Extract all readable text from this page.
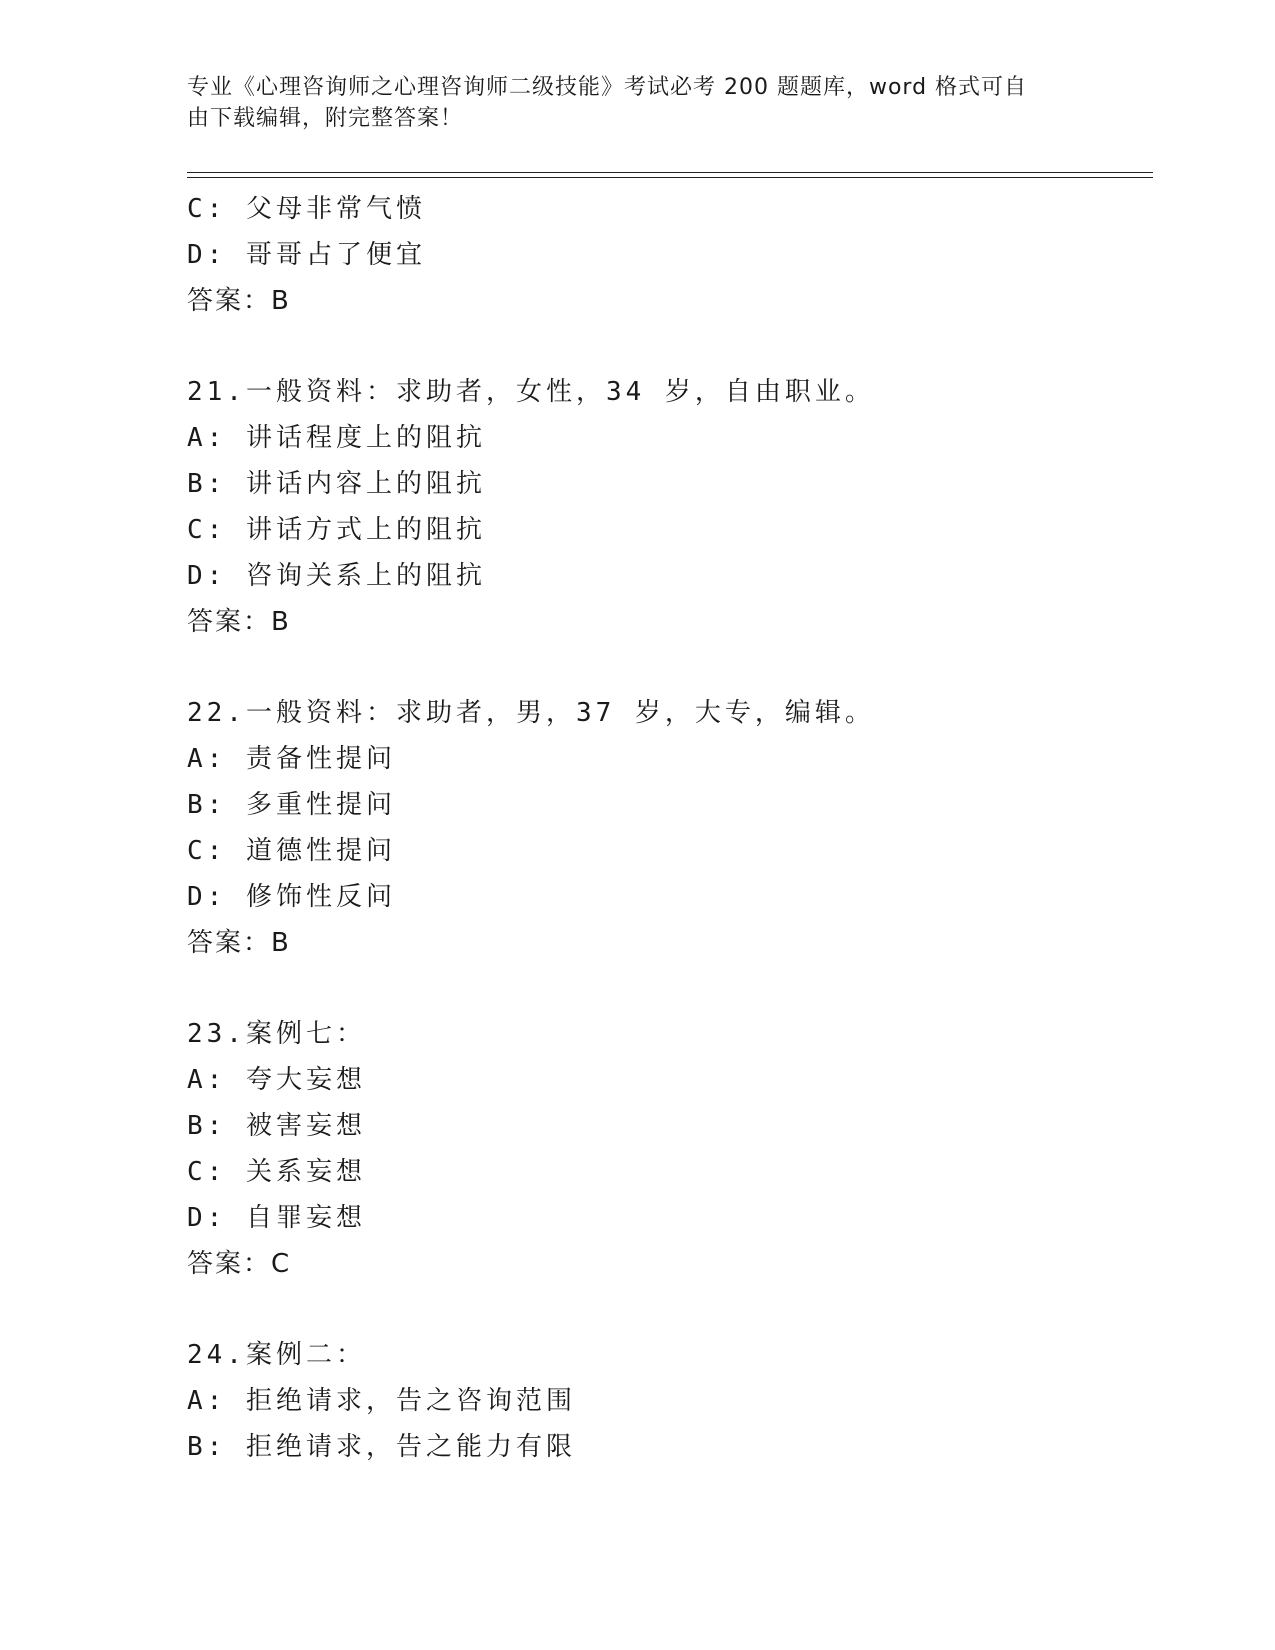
专业《心理咨询师之心理咨询师二级技能》考试必考 200 题题库，word 格式可自
由下载编辑，附完整答案！
C: 父母非常气愤
D: 哥哥占了便宜
答案：B
21.一般资料：求助者，女性，34 岁，自由职业。
A: 讲话程度上的阻抗
B: 讲话内容上的阻抗
C: 讲话方式上的阻抗
D: 咨询关系上的阻抗
答案：B
22.一般资料：求助者，男，37 岁，大专，编辑。
A: 责备性提问
B: 多重性提问
C: 道德性提问
D: 修饰性反问
答案：B
23.案例七：
A: 夸大妄想
B: 被害妄想
C: 关系妄想
D: 自罪妄想
答案：C
24.案例二：
A: 拒绝请求，告之咨询范围
B: 拒绝请求，告之能力有限
